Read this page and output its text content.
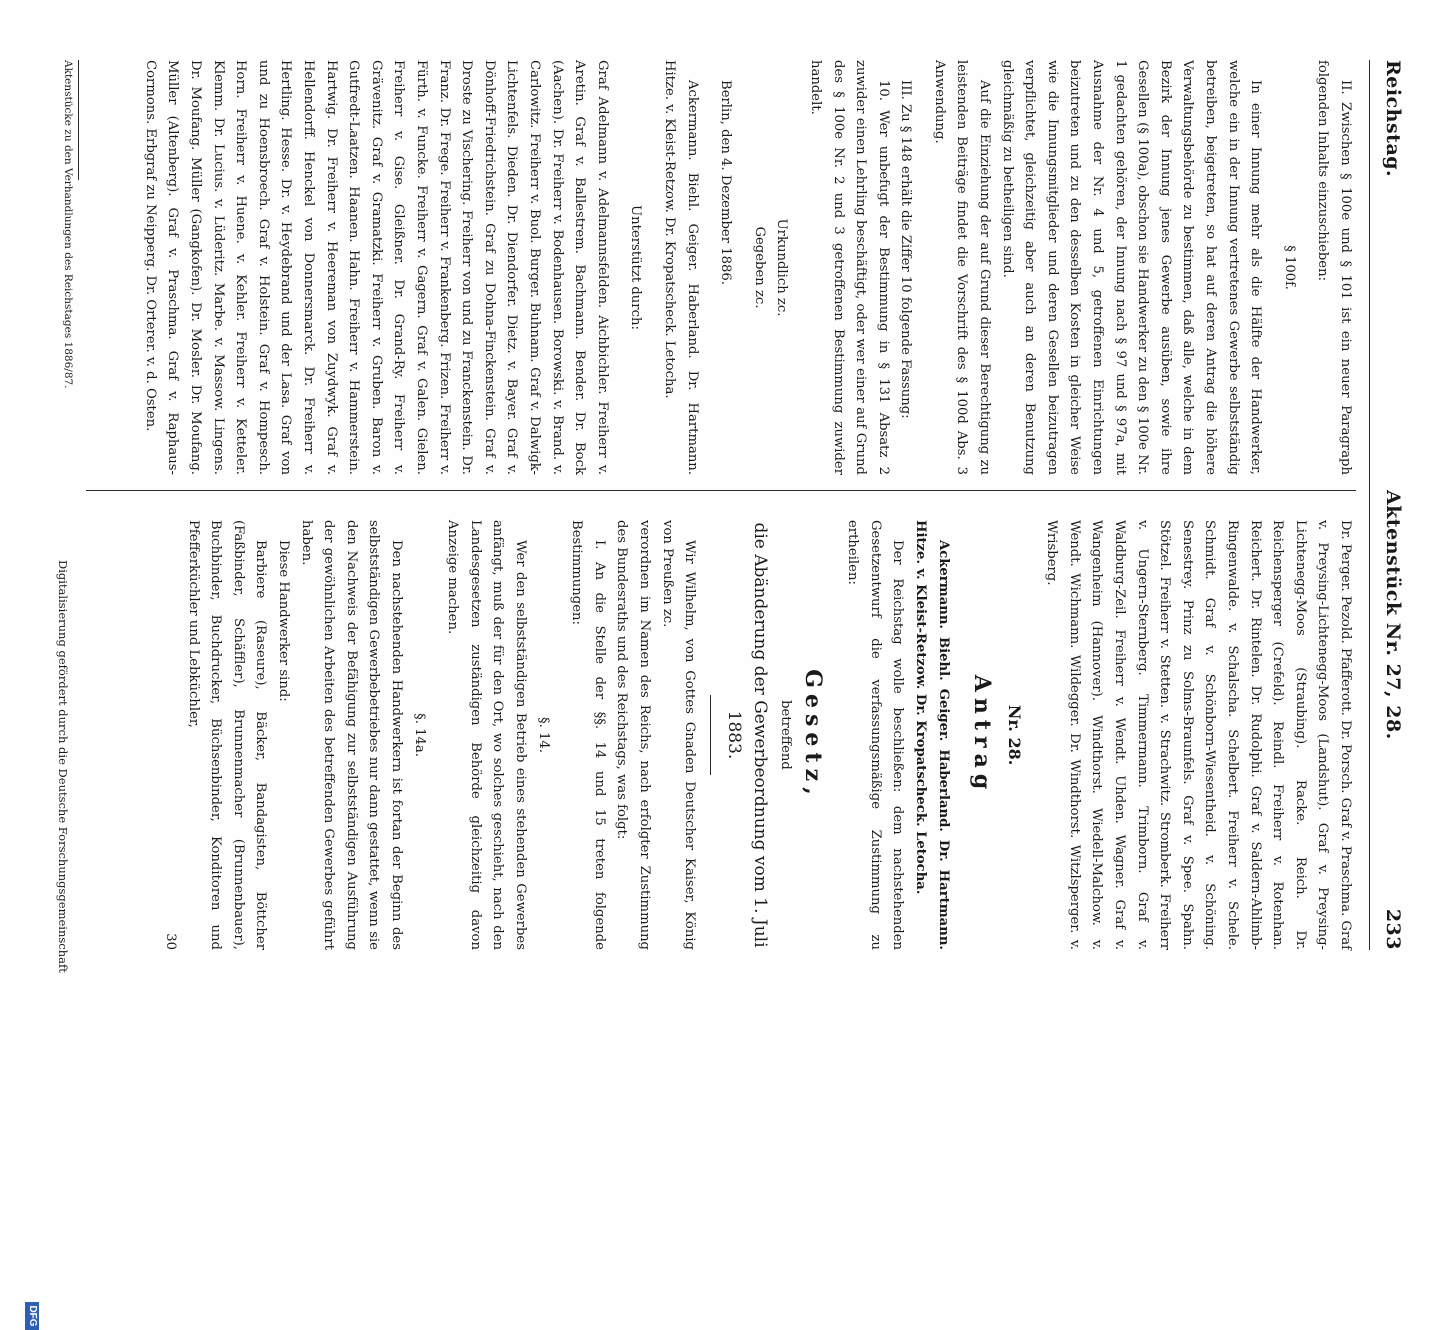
Reichstag.
Aktenstück Nr. 27, 28.
233

II. Zwischen § 100e und § 101 ist ein neuer Paragraph folgenden Inhalts einzuschieben:

§ 100f.

In einer Innung mehr als die Hälfte der Handwerker, welche ein in der Innung vertretenes Gewerbe selbstständig betreiben, beigetreten, so hat auf deren Antrag die höhere Verwaltungsbehörde zu bestimmen, daß alle, welche in dem Bezirk der Innung jenes Gewerbe ausüben, sowie ihre Gesellen (§ 100a), obschon sie Handwerker zu den § 100e Nr. 1 gedachten gehören, der Innung nach § 97 und § 97a, mit Ausnahme der Nr. 4 und 5, getroffenen Einrichtungen beizutreten und zu den desselben Kosten in gleicher Weise wie die Innungsmitglieder und deren Gesellen beizutragen verpflichtet, gleichzeitig aber auch an deren Benutzung gleichmäßig zu betheiligen sind.

Auf die Einziehung der auf Grund dieser Berechtigung zu leistenden Beiträge findet die Vorschrift des § 100d Abs. 3 Anwendung.

III. Zu § 148 erhält die Ziffer 10 folgende Fassung:

10. Wer unbefugt der Bestimmung in § 131 Absatz 2 zuwider einen Lehrling beschäftigt, oder wer einer auf Grund des § 100e Nr. 2 und 3 getroffenen Bestimmung zuwider handelt.

Urkundlich zc.

Gegeben zc.

Berlin, den 4. Dezember 1886.

Ackermann. Biehl. Geiger. Haberland. Dr. Hartmann. Hitze. v. Kleist-Retzow. Dr. Kropatscheck. Letocha.

Unterstützt durch:

Graf Adelmann v. Adelmannsfelden. Aichbichler. Freiherr v. Aretin. Graf v. Ballestrem. Bachmann. Bender. Dr. Bock (Aachen). Dr. Freiherr v. Bodenhausen. Borowski. v. Brand. v. Carlowitz. Freiherr v. Buol. Burger. Buhnam. Graf v. Dalwigk-Lichtenfels. Dieden. Dr. Diendorfer. Dietz. v. Bayer. Graf v. Dönhoff-Friedrichstein. Graf zu Dohna-Finckenstein. Graf v. Droste zu Vischering. Freiherr von und zu Franckenstein. Dr. Franz. Dr. Frege. Freiherr v. Frankenberg. Frizen. Freiherr v. Fürth. v. Funcke. Freiherr v. Gagern. Graf v. Galen. Gielen. Freiherr v. Gise. Gleißner. Dr. Grand-Ry. Freiherr v. Grävenitz. Graf v. Gramatzki. Freiherr v. Gruben. Baron v. Gutfredt-Laatzen. Haanen. Hahn. Freiherr v. Hammerstein. Hartwig. Dr. Freiherr v. Heereman von Zuydwyk. Graf v. Hellendorff. Henckel von Donnersmarck. Dr. Freiherr v. Hertling. Hesse. Dr. v. Heydebrand und der Lasa. Graf von und zu Hoensbroech. Graf v. Holstein. Graf v. Hompesch. Horn. Freiherr v. Huene. v. Kehler. Freiherr v. Ketteler. Klemm. Dr. Lucius. v. Lüderitz. Marbe. v. Massow. Lingens. Dr. Moufang. Müller (Gangkofen). Dr. Mosler. Dr. Moufang. Müller (Altenberg). Graf v. Praschma. Graf v. Raphaus-Cormons. Erbgraf zu Neipperg. Dr. Orterer. v. d. Osten.

Dr. Perger. Pezold. Pfafferott. Dr. Porsch. Graf v. Praschma. Graf v. Preysing-Lichtenegg-Moos (Landshut). Graf v. Preysing-Lichtenegg-Moos (Straubing). Racke. Reich. Dr. Reichensperger (Crefeld). Reindl. Freiherr v. Rotenhan. Reichert. Dr. Rintelen. Dr. Rudolphi. Graf v. Saldern-Ahlimb-Ringenwalde. v. Schalscha. Schelbert. Freiherr v. Schele. Schmidt. Graf v. Schönborn-Wiesentheid. v. Schöning. Senestrey. Prinz zu Solms-Braunfels. Graf v. Spee. Spahn. Stötzel. Freiherr v. Stetten. v. Strachwitz. Stromberk. Freiherr v. Ungern-Sternberg. Timmermann. Trimborn. Graf v. Waldburg-Zeil. Freiherr v. Wendt. Uhden. Wagner. Graf v. Wangenheim (Hannover). Windthorst. Wiedell-Malchow. v. Wendt. Wichmann. Wildegger. Dr. Windthorst. Witzlsperger. v. Wrisberg.

Nr. 28.

Antrag

Ackermann. Biehl. Geiger. Haberland. Dr. Hartmann. Hitze. v. Kleist-Retzow. Dr. Kropatscheck. Letocha.

Der Reichstag wolle beschließen: dem nachstehenden Gesetzentwurf die verfassungsmäßige Zustimmung zu ertheilen:

Gesetz,

betreffend

die Abänderung der Gewerbeordnung vom 1. Juli 1883.

Wir Wilhelm, von Gottes Gnaden Deutscher Kaiser, König von Preußen zc.

verordnen im Namen des Reichs, nach erfolgter Zustimmung des Bundesraths und des Reichstags, was folgt:

I. An die Stelle der §§. 14 und 15 treten folgende Bestimmungen:

§. 14.

Wer den selbstständigen Betrieb eines stehenden Gewerbes anfängt, muß der für den Ort, wo solches geschieht, nach den Landesgesetzen zuständigen Behörde gleichzeitig davon Anzeige machen.

§. 14a.

Den nachstehenden Handwerkern ist fortan der Beginn des selbstständigen Gewerbebetriebes nur dann gestattet, wenn sie den Nachweis der Befähigung zur selbstständigen Ausführung der gewöhnlichen Arbeiten des betreffenden Gewerbes geführt haben.

Diese Handwerker sind:

Barbiere (Raseure), Bäcker, Bandagisten, Böttcher (Faßbinder, Schäffler), Brunnenmacher (Brunnenbauer), Buchbinder, Buchdrucker, Büchsenbinder, Konditoren und Pfefferküchler und Lebküchler,

30

Aktenstücke zu den Verhandlungen des Reichstages 1886/87.
Digitalisierung gefördert durch die Deutsche Forschungsgemeinschaft
DFG
